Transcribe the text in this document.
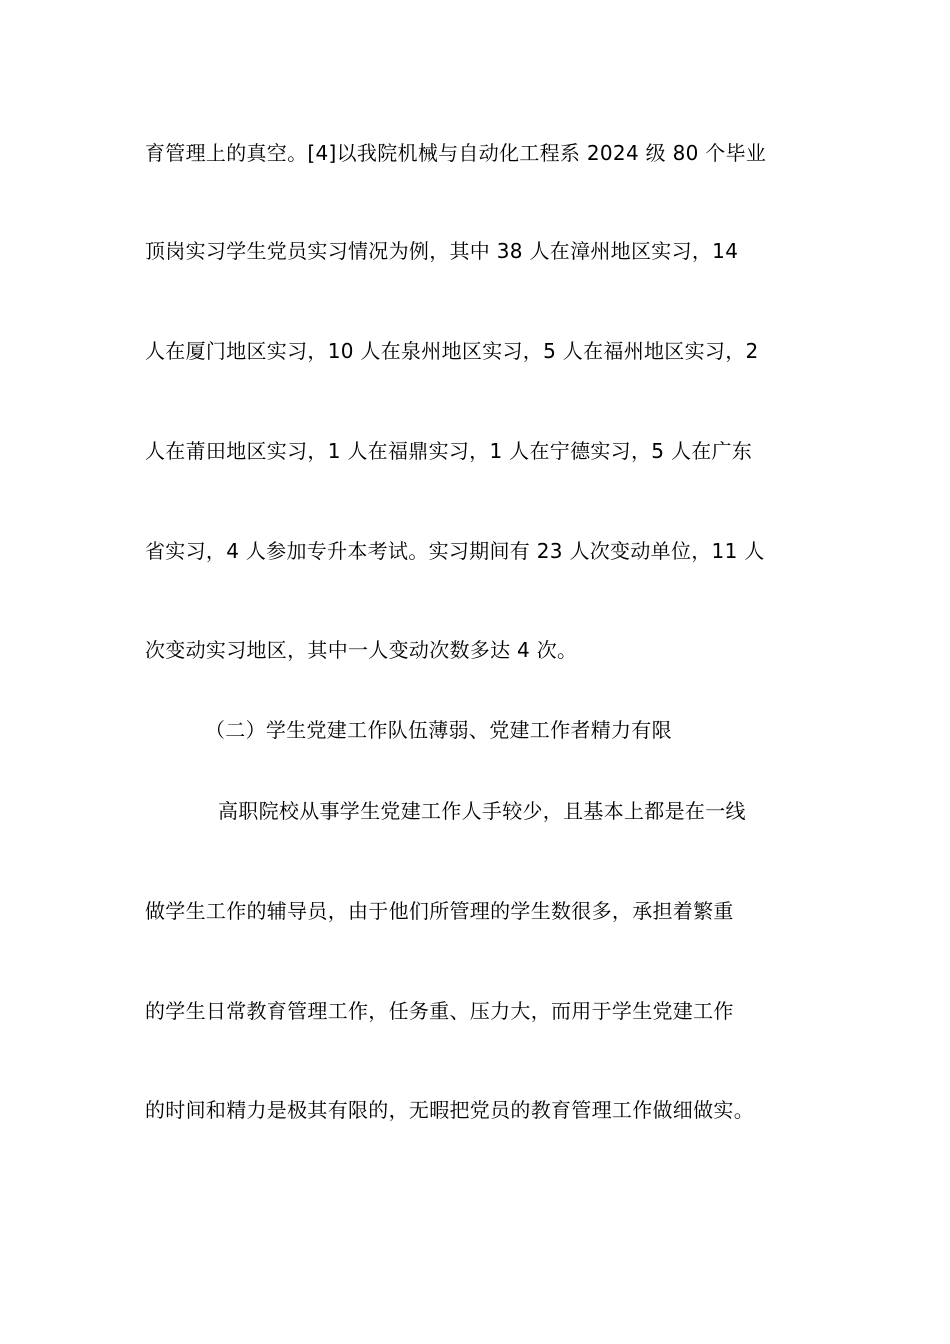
育管理上的真空。[4]以我院机械与自动化工程系 2024 级 80 个毕业
顶岗实习学生党员实习情况为例，其中 38 人在漳州地区实习，14
人在厦门地区实习，10 人在泉州地区实习，5 人在福州地区实习，2
人在莆田地区实习，1 人在福鼎实习，1 人在宁德实习，5 人在广东
省实习，4 人参加专升本考试。实习期间有 23 人次变动单位，11 人
次变动实习地区，其中一人变动次数多达 4 次。
（二）学生党建工作队伍薄弱、党建工作者精力有限
高职院校从事学生党建工作人手较少，且基本上都是在一线
做学生工作的辅导员，由于他们所管理的学生数很多，承担着繁重
的学生日常教育管理工作，任务重、压力大，而用于学生党建工作
的时间和精力是极其有限的，无暇把党员的教育管理工作做细做实。
